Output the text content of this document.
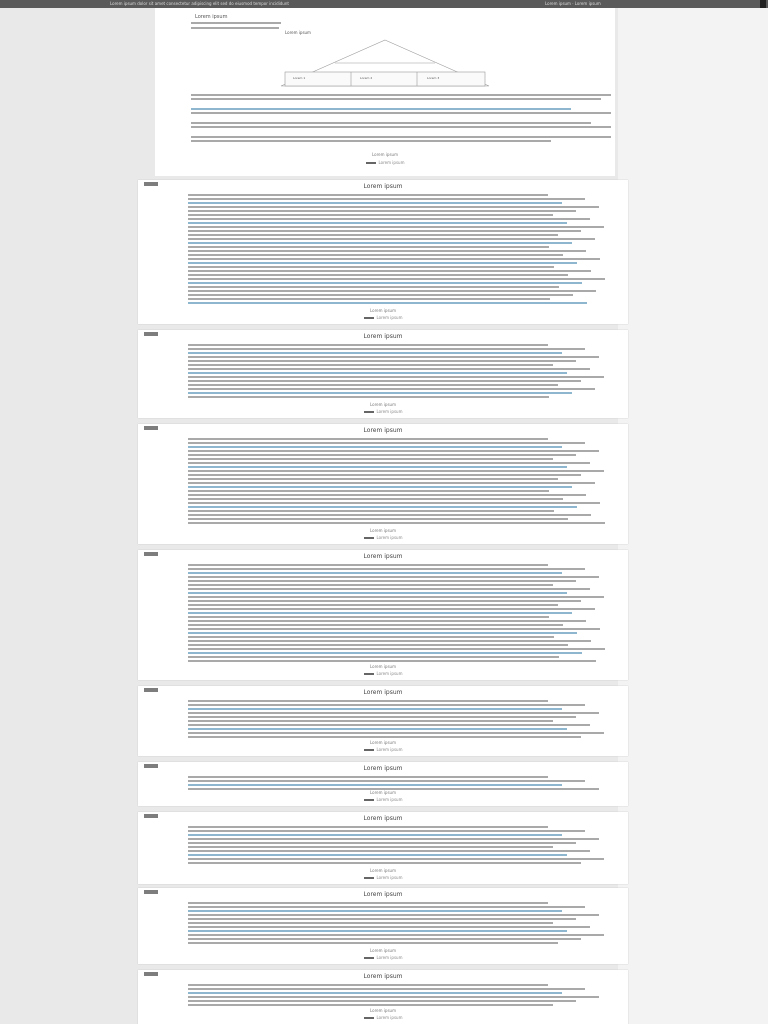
Lorem ipsum dolor sit amet consectetur adipiscing elit sed do eiusmod tempor incididunt	Lorem ipsum · Lorem ipsum
Lorem ipsum
Lorem ipsum
Lorem 1	Lorem 2	Lorem 3
Lorem ipsum
Lorem ipsum
Lorem ipsum
Lorem ipsum
Lorem ipsum
Lorem ipsum
Lorem ipsum
Lorem ipsum
Lorem ipsum
Lorem ipsum
Lorem ipsum
Lorem ipsum
Lorem ipsum
Lorem ipsum
Lorem ipsum
Lorem ipsum
Lorem ipsum
Lorem ipsum
Lorem ipsum
Lorem ipsum
Lorem ipsum
Lorem ipsum
Lorem ipsum
Lorem ipsum
Lorem ipsum
Lorem ipsum
Lorem ipsum
Lorem ipsum
Lorem ipsum
